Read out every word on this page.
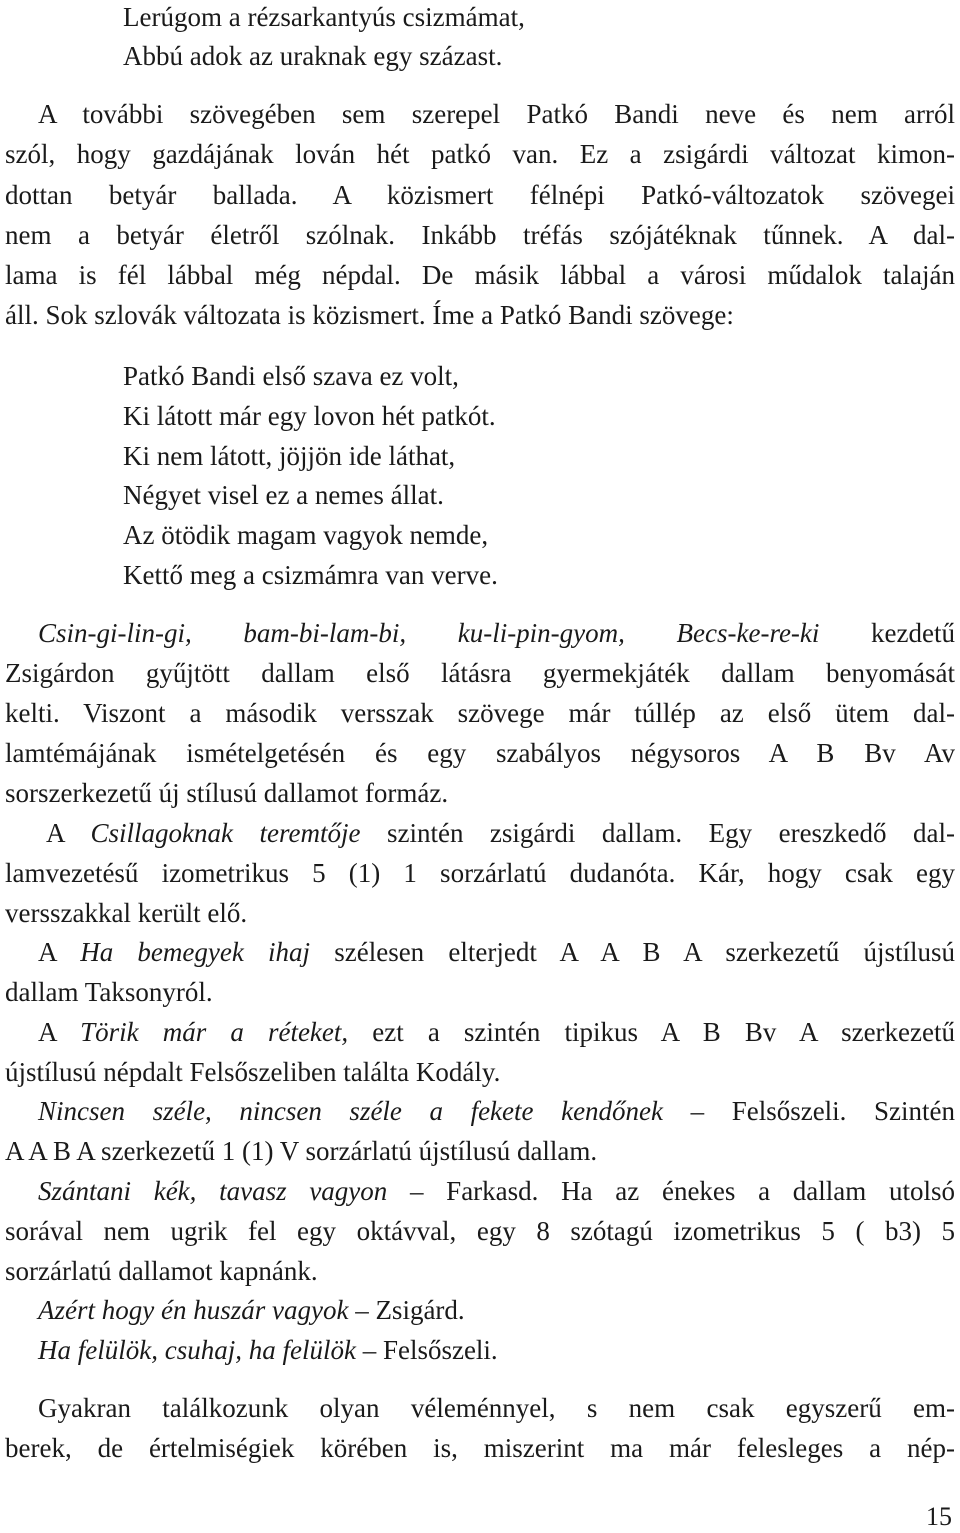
Lerúgom a rézsarkantyús csizmámat,
Abbú adok az uraknak egy százast.
A további szövegében sem szerepel Patkó Bandi neve és nem arról
szól, hogy gazdájának lován hét patkó van. Ez a zsigárdi változat kimon-
dottan betyár ballada. A közismert félnépi Patkó-változatok szövegei
nem a betyár életről szólnak. Inkább tréfás szójátéknak tűnnek. A dal-
lama is fél lábbal még népdal. De másik lábbal a városi műdalok talaján
áll. Sok szlovák változata is közismert. Íme a Patkó Bandi szövege:
Patkó Bandi első szava ez volt,
Ki látott már egy lovon hét patkót.
Ki nem látott, jöjjön ide láthat,
Négyet visel ez a nemes állat.
Az ötödik magam vagyok nemde,
Kettő meg a csizmámra van verve.
Csin-gi-lin-gi, bam-bi-lam-bi, ku-li-pin-gyom, Becs-ke-re-ki kezdetű
Zsigárdon gyűjtött dallam első látásra gyermekjáték dallam benyomását
kelti. Viszont a második versszak szövege már túllép az első ütem dal-
lamtémájának ismételgetésén és egy szabályos négysoros A B Bv Av
sorszerkezetű új stílusú dallamot formáz.
A Csillagoknak teremtője szintén zsigárdi dallam. Egy ereszkedő dal-
lamvezetésű izometrikus 5 (1) 1 sorzárlatú dudanóta. Kár, hogy csak egy
versszakkal került elő.
A Ha bemegyek ihaj szélesen elterjedt A A B A szerkezetű újstílusú
dallam Taksonyról.
A Törik már a réteket, ezt a szintén tipikus A B Bv A szerkezetű
újstílusú népdalt Felsőszeliben találta Kodály.
Nincsen széle, nincsen széle a fekete kendőnek – Felsőszeli. Szintén
A A B A szerkezetű 1 (1) V sorzárlatú újstílusú dallam.
Szántani kék, tavasz vagyon – Farkasd. Ha az énekes a dallam utolsó
sorával nem ugrik fel egy oktávval, egy 8 szótagú izometrikus 5 ( b3) 5
sorzárlatú dallamot kapnánk.
Azért hogy én huszár vagyok – Zsigárd.
Ha felülök, csuhaj, ha felülök – Felsőszeli.
Gyakran találkozunk olyan véleménnyel, s nem csak egyszerű em-
berek, de értelmiségiek körében is, miszerint ma már felesleges a nép-
15
